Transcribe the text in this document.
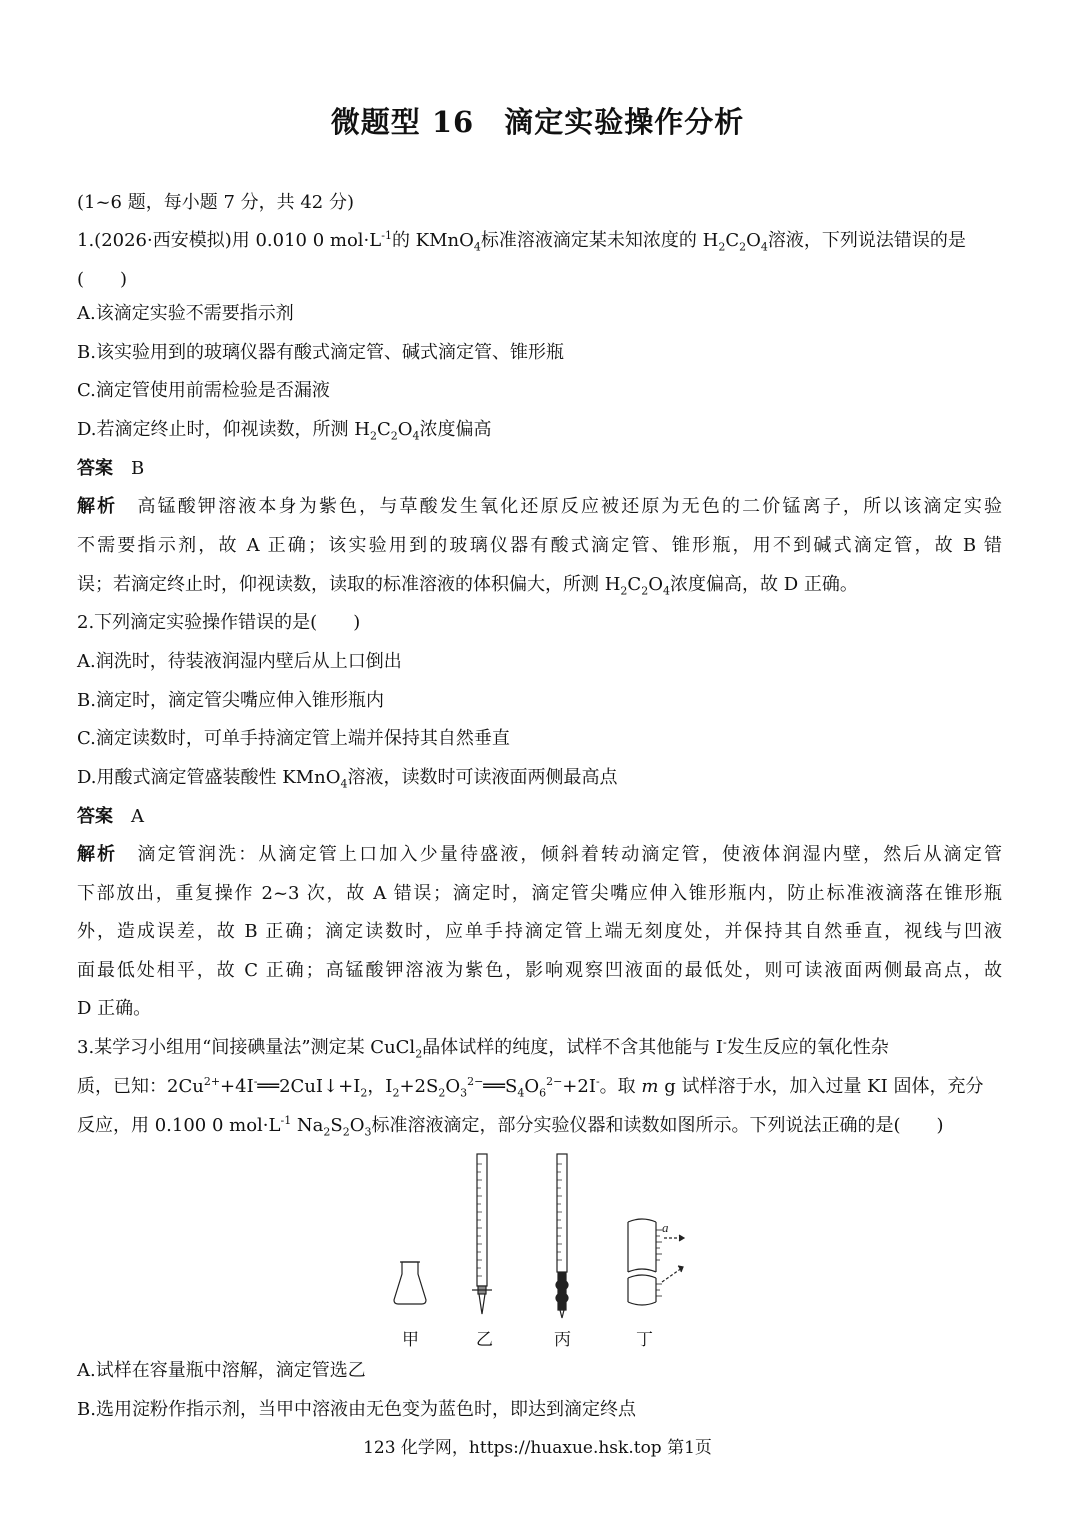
微题型 16　滴定实验操作分析
(1~6 题，每小题 7 分，共 42 分)
1.(2026·西安模拟)用 0.010 0 $mol\cdot L^{-1}$的 KMnO$_4$标准溶液滴定某未知浓度的 $H_2C_2O_4$溶液，下列说法错误的是
(　　)
A.该滴定实验不需要指示剂
B.该实验用到的玻璃仪器有酸式滴定管、碱式滴定管、锥形瓶
C.滴定管使用前需检验是否漏液
D.若滴定终止时，仰视读数，所测 $H_2C_2O_4$浓度偏高
答案　 B
解析　 高锰酸钾溶液本身为紫色，与草酸发生氧化还原反应被还原为无色的二价锰离子，所以该滴定实验
不需要指示剂，故 A 正确；该实验用到的玻璃仪器有酸式滴定管、锥形瓶，用不到碱式滴定管，故 B 错
误；若滴定终止时，仰视读数，读取的标准溶液的体积偏大，所测 $H_2C_2O_4$浓度偏高，故 D 正确。
2.下列滴定实验操作错误的是(　　)
A.润洗时，待装液润湿内壁后从上口倒出
B.滴定时，滴定管尖嘴应伸入锥形瓶内
C.滴定读数时，可单手持滴定管上端并保持其自然垂直
D.用酸式滴定管盛装酸性 KMnO$_4$溶液，读数时可读液面两侧最高点
答案　 A
解析　 滴定管润洗：从滴定管上口加入少量待盛液，倾斜着转动滴定管，使液体润湿内壁，然后从滴定管
下部放出，重复操作 2~3 次，故 A 错误；滴定时，滴定管尖嘴应伸入锥形瓶内，防止标准液滴落在锥形瓶
外，造成误差，故 B 正确；滴定读数时，应单手持滴定管上端无刻度处，并保持其自然垂直，视线与凹液
面最低处相平，故 C 正确；高锰酸钾溶液为紫色，影响观察凹液面的最低处，则可读液面两侧最高点，故
D 正确。
3.某学习小组用“间接碘量法”测定某 CuCl$_2$晶体试样的纯度，试样不含其他能与 I-发生反应的氧化性杂
质，已知：$2Cu^{2+}+4I^-══2CuI↓+I_2$，$I_2+2S_2O_3^{2-}══S_4O_6^{2-}+2I^-$。取 m g 试样溶于水，加入过量 KI 固体，充分
反应，用 0.100 0 $mol\cdot L^{-1}$ $Na_2S_2O_3$标准溶液滴定，部分实验仪器和读数如图所示。下列说法正确的是(　　)
a
甲	乙	丙	丁
A.试样在容量瓶中溶解，滴定管选乙
B.选用淀粉作指示剂，当甲中溶液由无色变为蓝色时，即达到滴定终点
123 化学网，https://huaxue.hsk.top 第1页
